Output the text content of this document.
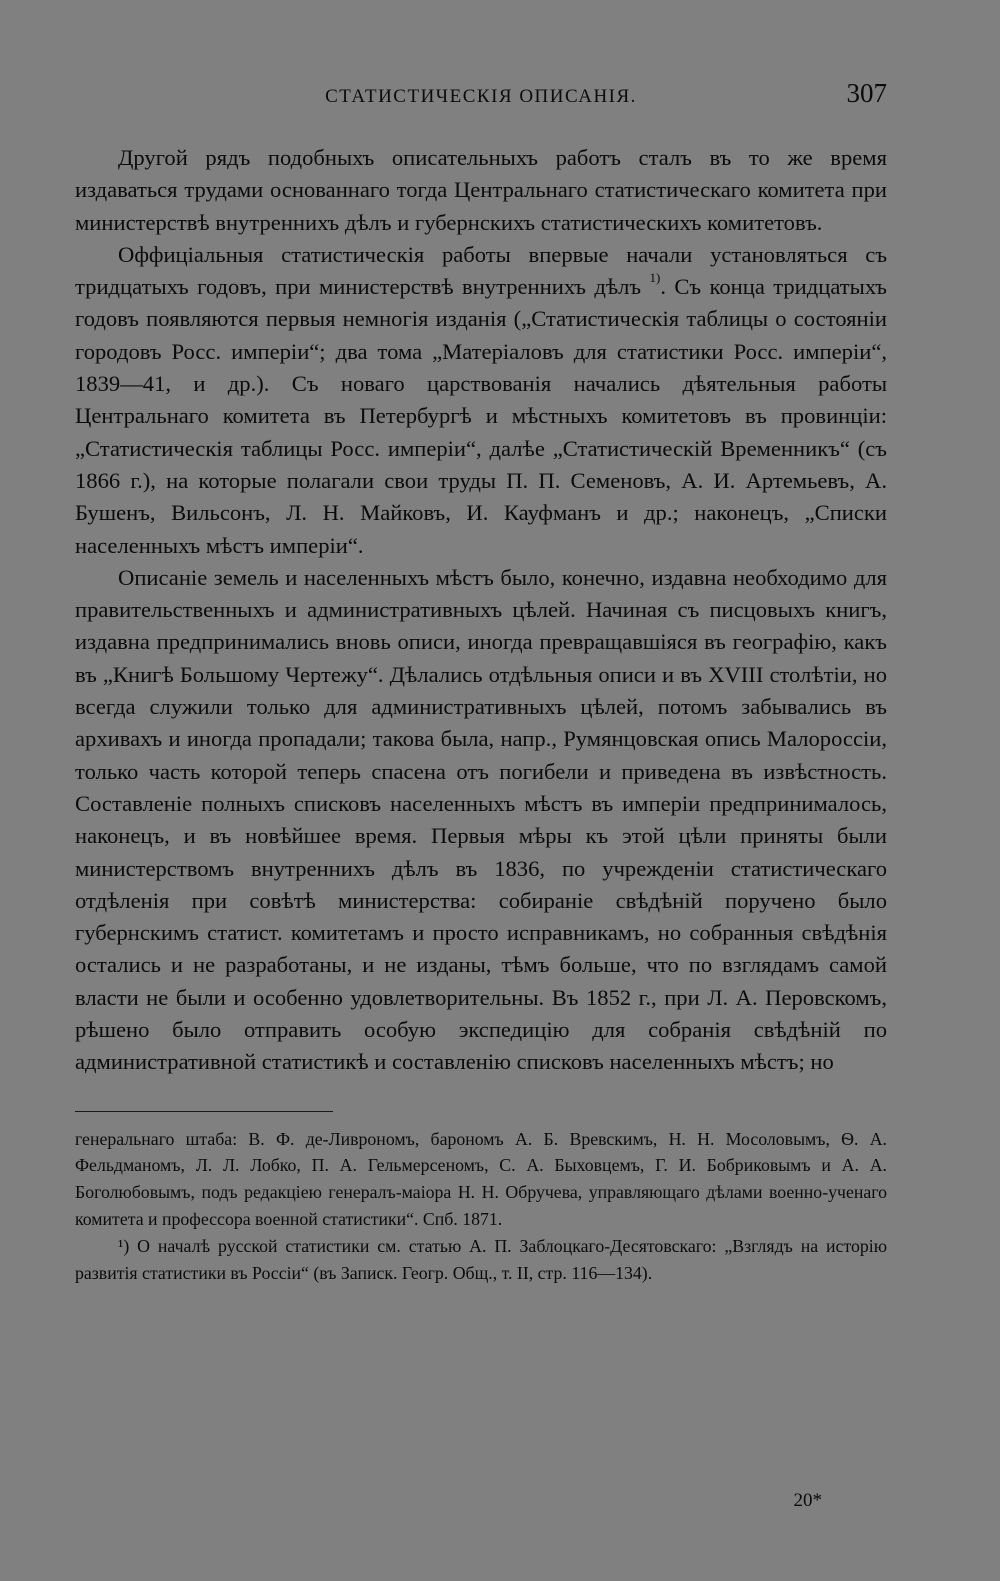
СТАТИСТИЧЕСКІЯ ОПИСАНІЯ.	307

Другой рядъ подобныхъ описательныхъ работъ сталъ въ то же время издаваться трудами основаннаго тогда Центральнаго статистическаго комитета при министерствѣ внутреннихъ дѣлъ и губернскихъ статистическихъ комитетовъ.

Оффиціальныя статистическія работы впервые начали установляться съ тридцатыхъ годовъ, при министерствѣ внутреннихъ дѣлъ $^{1)}$. Съ конца тридцатыхъ годовъ появляются первыя немногія изданія („Статистическія таблицы о состояніи городовъ Росс. имперіи“; два тома „Матеріаловъ для статистики Росс. имперіи“, 1839—41, и др.). Съ новаго царствованія начались дѣятельныя работы Центральнаго комитета въ Петербургѣ и мѣстныхъ комитетовъ въ провинціи: „Статистическія таблицы Росс. имперіи“, далѣе „Статистическій Временникъ“ (съ 1866 г.), на которые полагали свои труды П. П. Семеновъ, А. И. Артемьевъ, А. Бушенъ, Вильсонъ, Л. Н. Майковъ, И. Кауфманъ и др.; наконецъ, „Списки населенныхъ мѣстъ имперіи“.

Описаніе земель и населенныхъ мѣстъ было, конечно, издавна необходимо для правительственныхъ и административныхъ цѣлей. Начиная съ писцовыхъ книгъ, издавна предпринимались вновь описи, иногда превращавшіяся въ географію, какъ въ „Книгѣ Большому Чертежу“. Дѣлались отдѣльныя описи и въ XVIII столѣтіи, но всегда служили только для административныхъ цѣлей, потомъ забывались въ архивахъ и иногда пропадали; такова была, напр., Румянцовская опись Малороссіи, только часть которой теперь спасена отъ погибели и приведена въ извѣстность. Составленіе полныхъ списковъ населенныхъ мѣстъ въ имперіи предпринималось, наконецъ, и въ новѣйшее время. Первыя мѣры къ этой цѣли приняты были министерствомъ внутреннихъ дѣлъ въ 1836, по учрежденіи статистическаго отдѣленія при совѣтѣ министерства: собираніе свѣдѣній поручено было губернскимъ статист. комитетамъ и просто исправникамъ, но собранныя свѣдѣнія остались и не разработаны, и не изданы, тѣмъ больше, что по взглядамъ самой власти не были и особенно удовлетворительны. Въ 1852 г., при Л. А. Перовскомъ, рѣшено было отправить особую экспедицію для собранія свѣдѣній по административной статистикѣ и составленію списковъ населенныхъ мѣстъ; но

генеральнаго штаба: В. Ф. де-Ливрономъ, барономъ А. Б. Вревскимъ, Н. Н. Мосоловымъ, Ѳ. А. Фельдманомъ, Л. Л. Лобко, П. А. Гельмерсеномъ, С. А. Быховцемъ, Г. И. Бобриковымъ и А. А. Боголюбовымъ, подъ редакціею генералъ-маіора Н. Н. Обручева, управляющаго дѣлами военно-ученаго комитета и профессора военной статистики“. Спб. 1871.

¹) О началѣ русской статистики см. статью А. П. Заблоцкаго-Десятовскаго: „Взглядъ на исторію развитія статистики въ Россіи“ (въ Записк. Геогр. Общ., т. II, стр. 116—134).

20*
